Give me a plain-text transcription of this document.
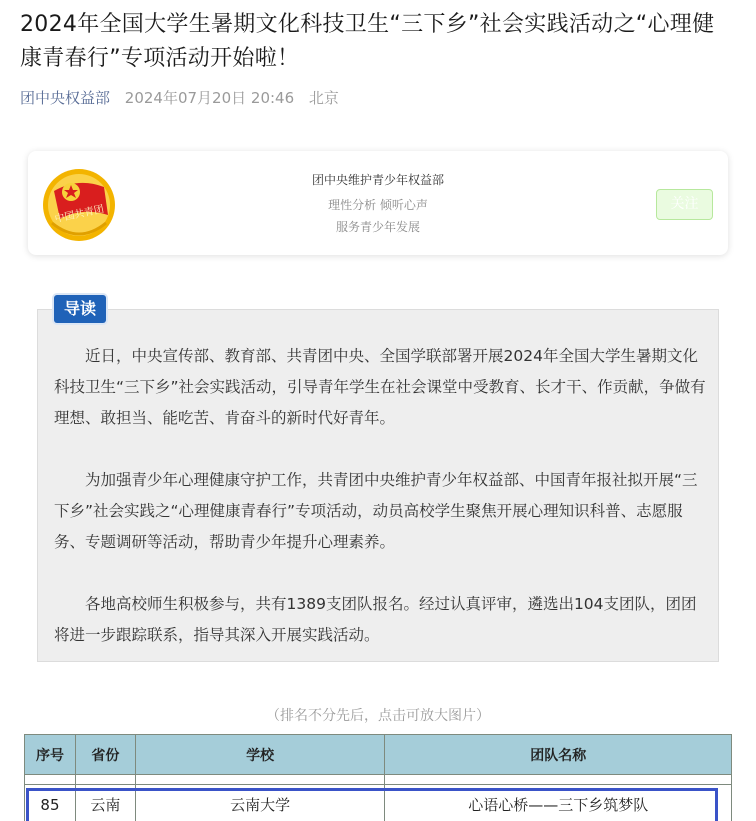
2024年全国大学生暑期文化科技卫生“三下乡”社会实践活动之“心理健康青春行”专项活动开始啦！
团中央权益部 2024年07月20日 20:46 北京
中国共青团
团中央维护青少年权益部
理性分析 倾听心声
服务青少年发展
关注

近日，中央宣传部、教育部、共青团中央、全国学联部署开展2024年全国大学生暑期文化科技卫生“三下乡”社会实践活动，引导青年学生在社会课堂中受教育、长才干、作贡献，争做有理想、敢担当、能吃苦、肯奋斗的新时代好青年。

为加强青少年心理健康守护工作，共青团中央维护青少年权益部、中国青年报社拟开展“三下乡”社会实践之“心理健康青春行”专项活动，动员高校学生聚焦开展心理知识科普、志愿服务、专题调研等活动，帮助青少年提升心理素养。

各地高校师生积极参与，共有1389支团队报名。经过认真评审，遴选出104支团队，团团将进一步跟踪联系，指导其深入开展实践活动。

导读
（排名不分先后，点击可放大图片）
序号	省份	学校	团队名称

85	云南	云南大学	心语心桥——三下乡筑梦队
